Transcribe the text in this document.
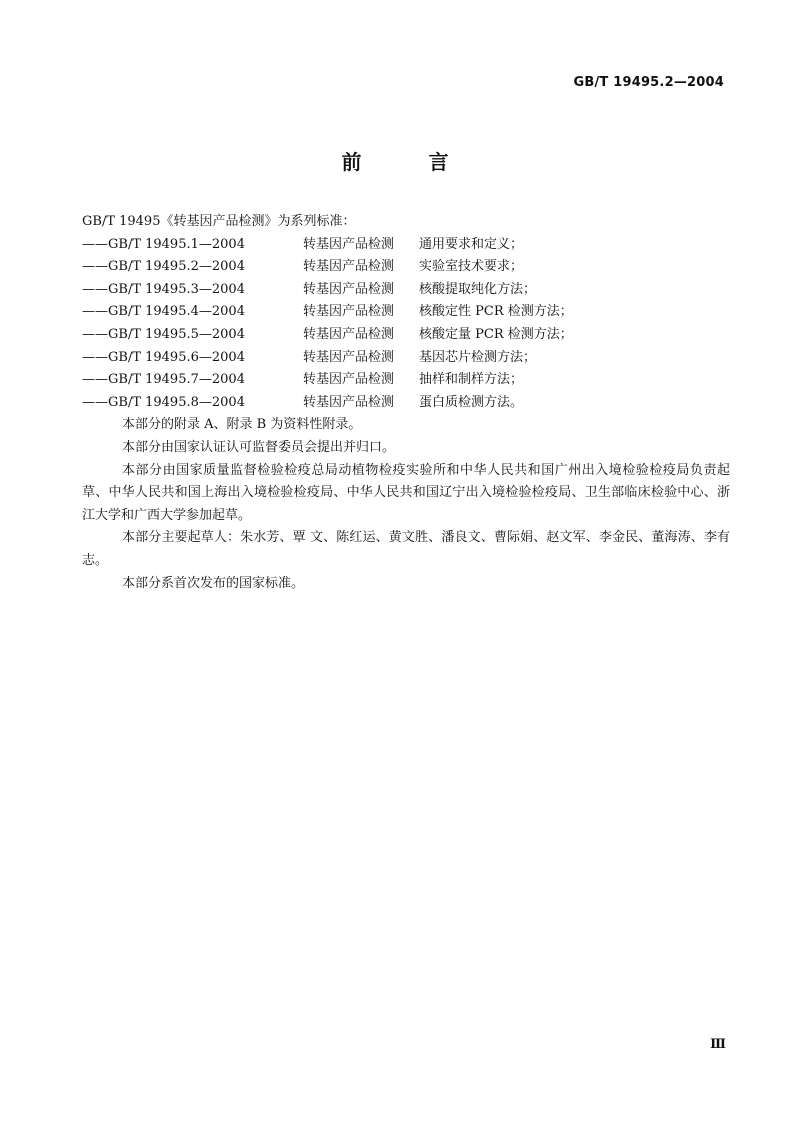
GB/T 19495.2—2004
前 言
GB/T 19495《转基因产品检测》为系列标准：
——GB/T 19495.1—2004	转基因产品检测	通用要求和定义；
——GB/T 19495.2—2004	转基因产品检测	实验室技术要求；
——GB/T 19495.3—2004	转基因产品检测	核酸提取纯化方法；
——GB/T 19495.4—2004	转基因产品检测	核酸定性 PCR 检测方法；
——GB/T 19495.5—2004	转基因产品检测	核酸定量 PCR 检测方法；
——GB/T 19495.6—2004	转基因产品检测	基因芯片检测方法；
——GB/T 19495.7—2004	转基因产品检测	抽样和制样方法；
——GB/T 19495.8—2004	转基因产品检测	蛋白质检测方法。

本部分的附录 A、附录 B 为资料性附录。

本部分由国家认证认可监督委员会提出并归口。

本部分由国家质量监督检验检疫总局动植物检疫实验所和中华人民共和国广州出入境检验检疫局负责起草、中华人民共和国上海出入境检验检疫局、中华人民共和国辽宁出入境检验检疫局、卫生部临床检验中心、浙江大学和广西大学参加起草。

本部分主要起草人：朱水芳、覃 文、陈红运、黄文胜、潘良文、曹际娟、赵文军、李金民、董海涛、李有志。

本部分系首次发布的国家标准。

Ⅲ
